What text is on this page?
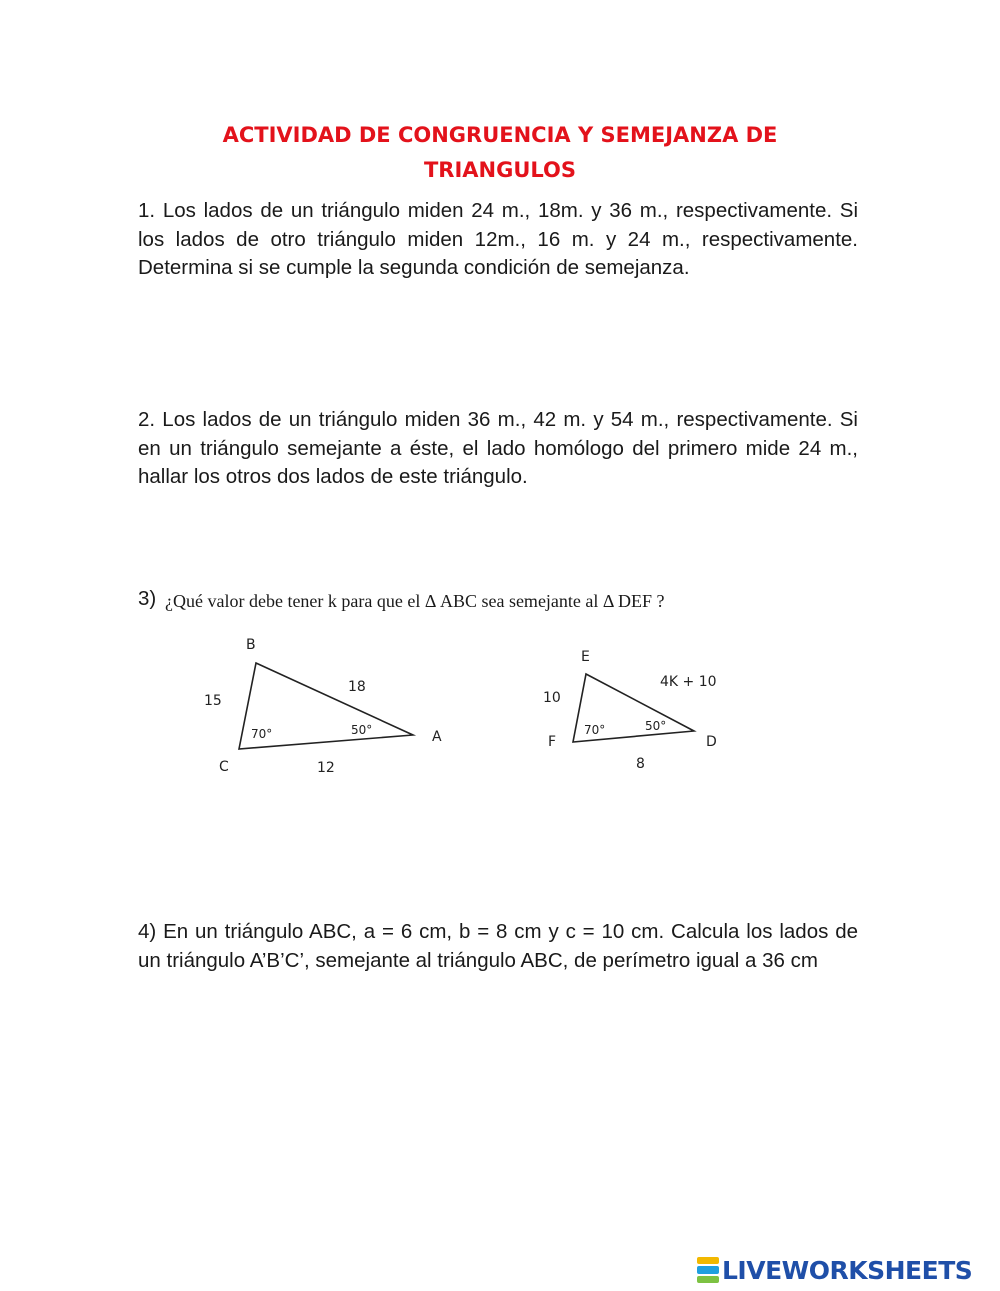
ACTIVIDAD DE CONGRUENCIA Y SEMEJANZA DE
TRIANGULOS
1. Los lados de un triángulo miden 24 m., 18m. y 36 m., respectivamente. Si los lados de otro triángulo miden 12m., 16 m. y 24 m., respectivamente. Determina si se cumple la segunda condición de semejanza.
2. Los lados de un triángulo miden 36 m., 42 m. y 54 m., respectivamente. Si en un triángulo semejante a éste, el lado homólogo del primero mide 24 m., hallar los otros dos lados de este triángulo.
3) ¿Qué valor debe tener k para que el Δ ABC sea semejante al Δ DEF ?
B
A
C
15
18
12
70°	50°
E
D
F
10
4K + 10
8
70°	50°
4) En un triángulo ABC, a = 6 cm, b = 8 cm y c = 10 cm. Calcula los lados de un triángulo A’B’C’, semejante al triángulo ABC, de perímetro igual a 36 cm
LIVEWORKSHEETS
